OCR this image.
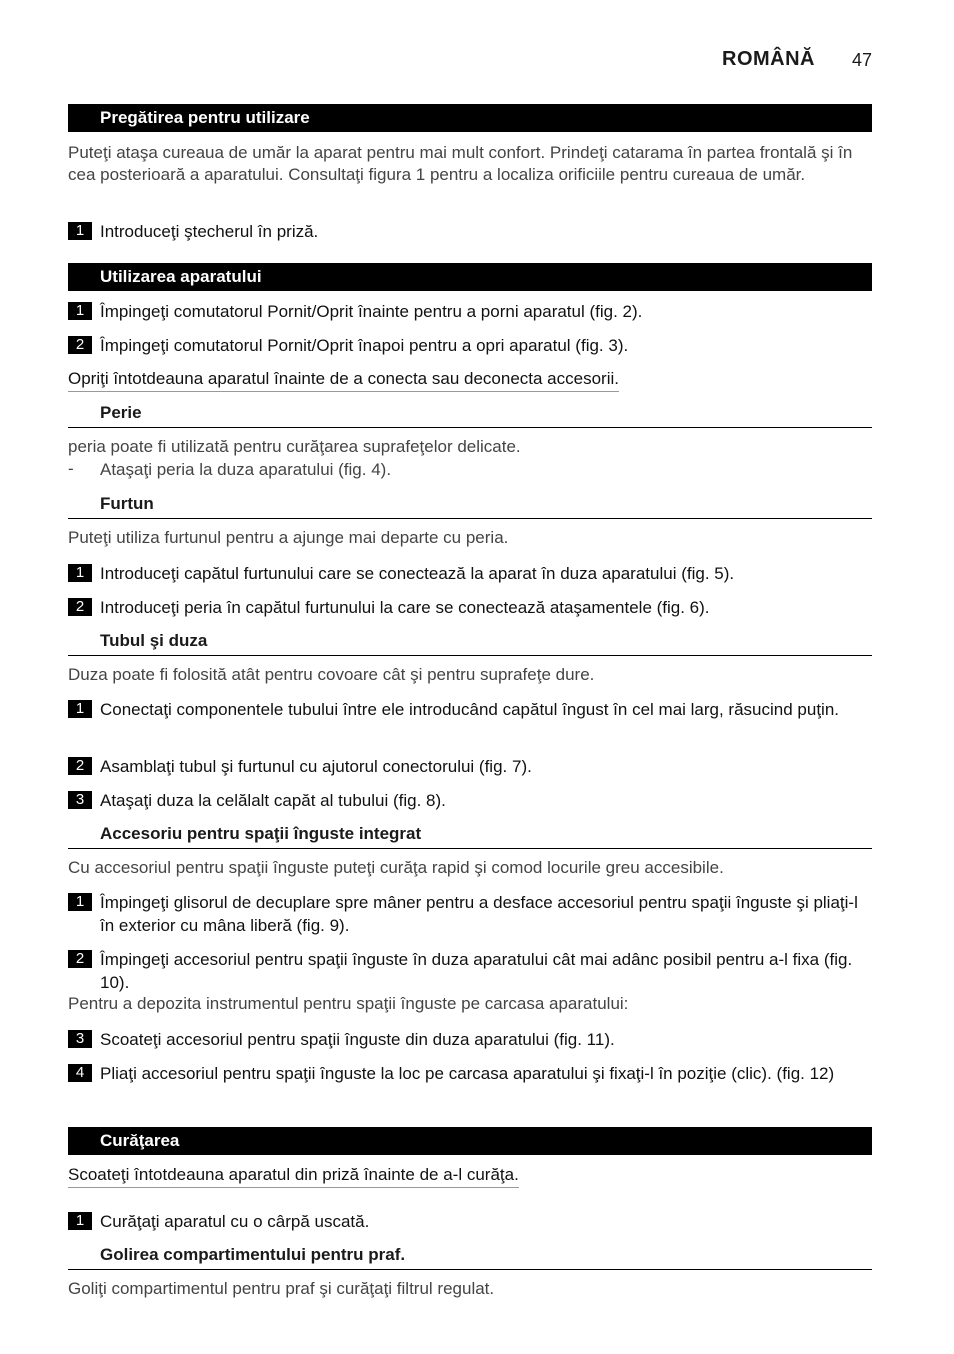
ROMÂNĂ 47
Pregătirea pentru utilizare
Puteţi ataşa cureaua de umăr la aparat pentru mai mult confort. Prindeţi catarama în partea frontală şi în cea posterioară a aparatului. Consultaţi figura 1 pentru a localiza orificiile pentru cureaua de umăr.
1 Introduceţi ştecherul în priză.
Utilizarea aparatului
1 Împingeţi comutatorul Pornit/Oprit înainte pentru a porni aparatul (fig. 2).
2 Împingeţi comutatorul Pornit/Oprit înapoi pentru a opri aparatul (fig. 3).
Opriţi întotdeauna aparatul înainte de a conecta sau deconecta accesorii.
Perie
peria poate fi utilizată pentru curăţarea suprafeţelor delicate.
- Ataşaţi peria la duza aparatului (fig. 4).
Furtun
Puteţi utiliza furtunul pentru a ajunge mai departe cu peria.
1 Introduceţi capătul furtunului care se conectează la aparat în duza aparatului (fig. 5).
2 Introduceţi peria în capătul furtunului la care se conectează ataşamentele (fig. 6).
Tubul şi duza
Duza poate fi folosită atât pentru covoare cât şi pentru suprafeţe dure.
1 Conectaţi componentele tubului între ele introducând capătul îngust în cel mai larg, răsucind puţin.
2 Asamblaţi tubul şi furtunul cu ajutorul conectorului (fig. 7).
3 Ataşaţi duza la celălalt capăt al tubului (fig. 8).
Accesoriu pentru spaţii înguste integrat
Cu accesoriul pentru spaţii înguste puteţi curăţa rapid şi comod locurile greu accesibile.
1 Împingeţi glisorul de decuplare spre mâner pentru a desface accesoriul pentru spaţii înguste şi pliaţi-l în exterior cu mâna liberă (fig. 9).
2 Împingeţi accesoriul pentru spaţii înguste în duza aparatului cât mai adânc posibil pentru a-l fixa (fig. 10).
Pentru a depozita instrumentul pentru spaţii înguste pe carcasa aparatului:
3 Scoateţi accesoriul pentru spaţii înguste din duza aparatului (fig. 11).
4 Pliaţi accesoriul pentru spaţii înguste la loc pe carcasa aparatului şi fixaţi-l în poziţie (clic). (fig. 12)
Curăţarea
Scoateţi întotdeauna aparatul din priză înainte de a-l curăţa.
1 Curăţaţi aparatul cu o cârpă uscată.
Golirea compartimentului pentru praf.
Goliţi compartimentul pentru praf şi curăţaţi filtrul regulat.
